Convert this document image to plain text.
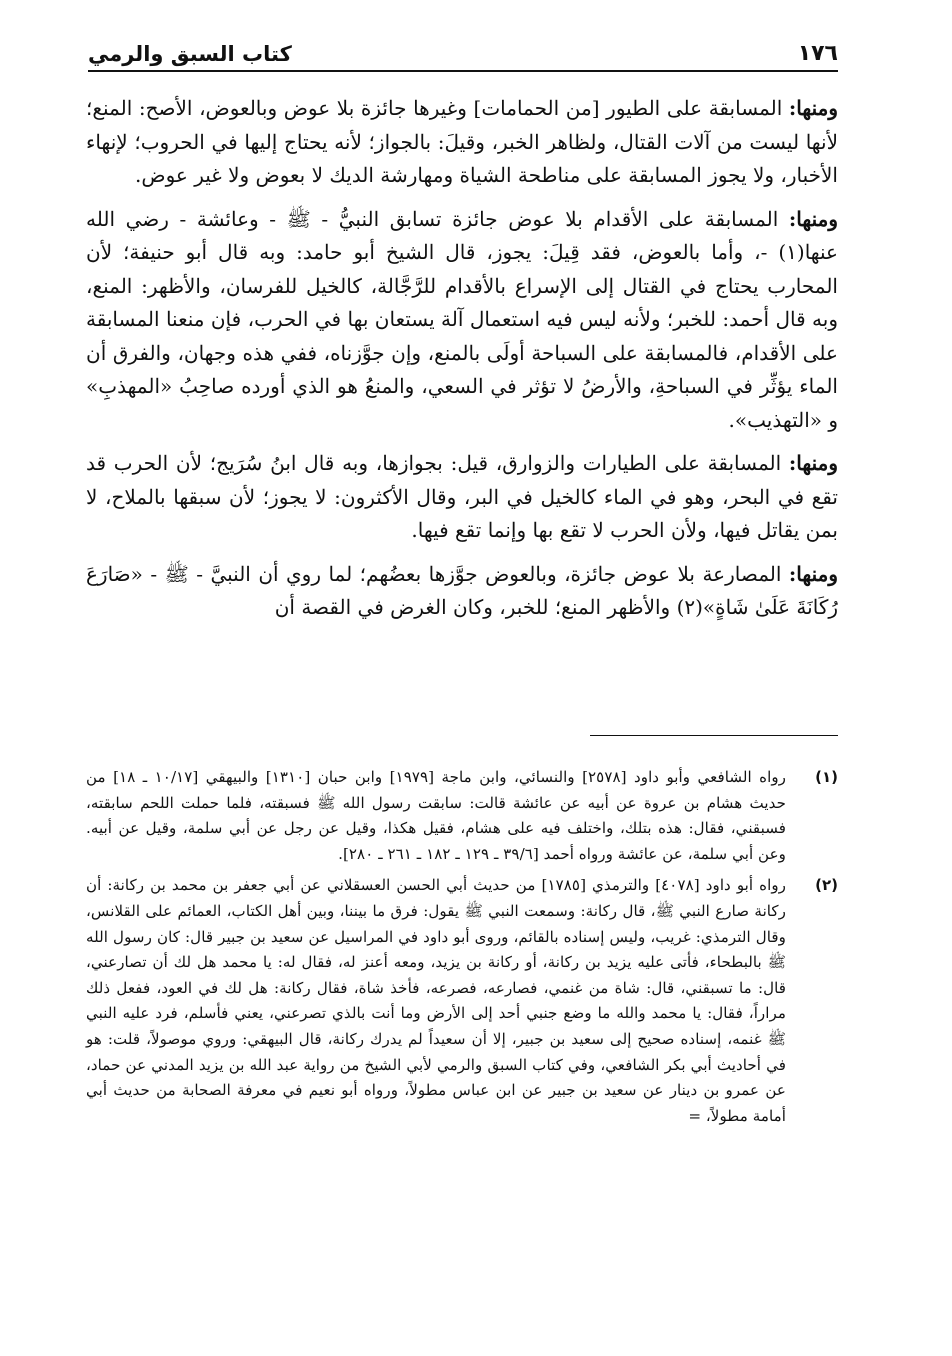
١٧٦
كتاب السبق والرمي

ومنها: المسابقة على الطيور [من الحمامات] وغيرها جائزة بلا عوض وبالعوض، الأصح: المنع؛ لأنها ليست من آلات القتال، ولظاهر الخبر، وقيلَ: بالجواز؛ لأنه يحتاج إليها في الحروب؛ لإنهاء الأخبار، ولا يجوز المسابقة على مناطحة الشياة ومهارشة الديك لا بعوض ولا غير عوض.

ومنها: المسابقة على الأقدام بلا عوض جائزة تسابق النبيُّ - ﷺ - وعائشة - رضي الله عنها(١) -، وأما بالعوض، فقد قِيلَ: يجوز، قال الشيخ أبو حامد: وبه قال أبو حنيفة؛ لأن المحارب يحتاج في القتال إلى الإسراع بالأقدام للرَّجَّالة، كالخيل للفرسان، والأظهر: المنع، وبه قال أحمد: للخبر؛ ولأنه ليس فيه استعمال آلة يستعان بها في الحرب، فإن منعنا المسابقة على الأقدام، فالمسابقة على السباحة أولَى بالمنع، وإن جوَّزناه، ففي هذه وجهان، والفرق أن الماء يؤثِّر في السباحةِ، والأرضُ لا تؤثر في السعي، والمنعُ هو الذي أورده صاحِبُ «المهذبِ» و «التهذيب».

ومنها: المسابقة على الطيارات والزوارق، قيل: بجوازها، وبه قال ابنُ سُرَيج؛ لأن الحرب قد تقع في البحر، وهو في الماء كالخيل في البر، وقال الأكثرون: لا يجوز؛ لأن سبقها بالملاح، لا بمن يقاتل فيها، ولأن الحرب لا تقع بها وإنما تقع فيها.

ومنها: المصارعة بلا عوض جائزة، وبالعوض جوَّزها بعضُهم؛ لما روي أن النبيَّ - ﷺ - «صَارَعَ رُكَانَةَ عَلَىٰ شَاةٍ»(٢) والأظهر المنع؛ للخبر، وكان الغرض في القصة أن

(١)
رواه الشافعي وأبو داود [٢٥٧٨] والنسائي، وابن ماجة [١٩٧٩] وابن حبان [١٣١٠] والبيهقي [١٠/١٧ ـ ١٨] من حديث هشام بن عروة عن أبيه عن عائشة قالت: سابقت رسول الله ﷺ فسبقته، فلما حملت اللحم سابقته، فسبقني، فقال: هذه بتلك، واختلف فيه على هشام، فقيل هكذا، وقيل عن رجل عن أبي سلمة، وقيل عن أبيه. وعن أبي سلمة، عن عائشة ورواه أحمد [٣٩/٦ ـ ١٢٩ ـ ١٨٢ ـ ٢٦١ ـ ٢٨٠].
(٢)
رواه أبو داود [٤٠٧٨] والترمذي [١٧٨٥] من حديث أبي الحسن العسقلاني عن أبي جعفر بن محمد بن ركانة: أن ركانة صارع النبي ﷺ، قال ركانة: وسمعت النبي ﷺ يقول: فرق ما بيننا، وبين أهل الكتاب، العمائم على القلانس، وقال الترمذي: غريب، وليس إسناده بالقائم، وروى أبو داود في المراسيل عن سعيد بن جبير قال: كان رسول الله ﷺ بالبطحاء، فأتى عليه يزيد بن ركانة، أو ركانة بن يزيد، ومعه أعنز له، فقال له: يا محمد هل لك أن تصارعني، قال: ما تسبقني، قال: شاة من غنمي، فصارعه، فصرعه، فأخذ شاة، فقال ركانة: هل لك في العود، ففعل ذلك مراراً، فقال: يا محمد والله ما وضع جنبي أحد إلى الأرض وما أنت بالذي تصرعني، يعني فأسلم، فرد عليه النبي ﷺ غنمه، إسناده صحيح إلى سعيد بن جبير، إلا أن سعيداً لم يدرك ركانة، قال البيهقي: وروي موصولاً، قلت: هو في أحاديث أبي بكر الشافعي، وفي كتاب السبق والرمي لأبي الشيخ من رواية عبد الله بن يزيد المدني عن حماد، عن عمرو بن دينار عن سعيد بن جبير عن ابن عباس مطولاً، ورواه أبو نعيم في معرفة الصحابة من حديث أبي أمامة مطولاً، =
